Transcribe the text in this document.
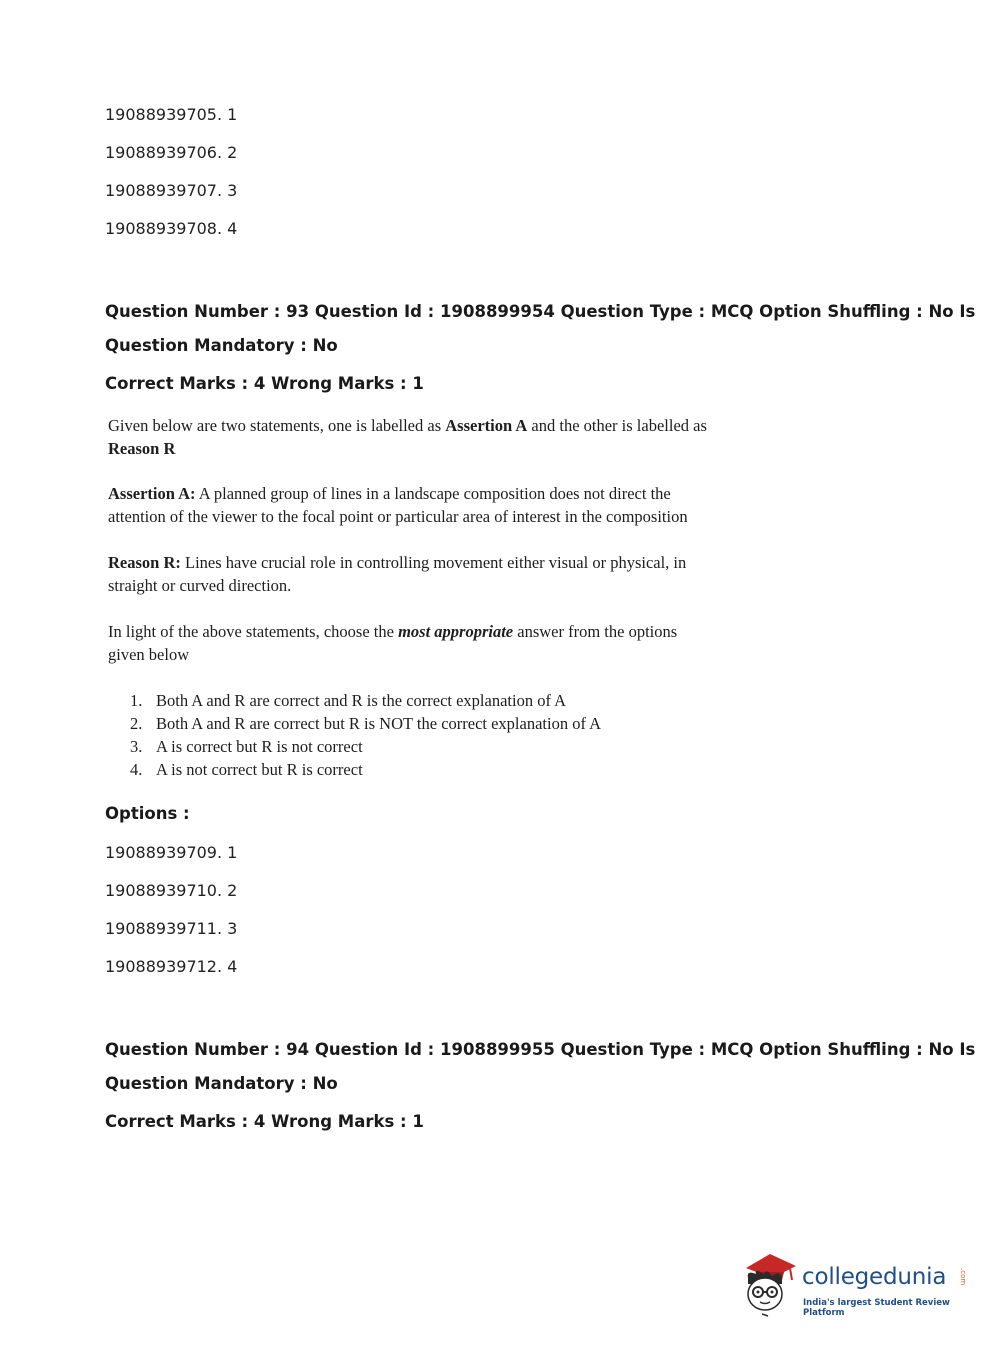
19088939705. 1
19088939706. 2
19088939707. 3
19088939708. 4
Question Number : 93 Question Id : 1908899954 Question Type : MCQ Option Shuffling : No Is
Question Mandatory : No
Correct Marks : 4 Wrong Marks : 1
Given below are two statements, one is labelled as Assertion A and the other is labelled as
Reason R
Assertion A: A planned group of lines in a landscape composition does not direct the attention of the viewer to the focal point or particular area of interest in the composition
Reason R: Lines have crucial role in controlling movement either visual or physical, in straight or curved direction.
In light of the above statements, choose the most appropriate answer from the options given below
1. Both A and R are correct and R is the correct explanation of A
2. Both A and R are correct but R is NOT the correct explanation of A
3. A is correct but R is not correct
4. A is not correct but R is correct
Options :
19088939709. 1
19088939710. 2
19088939711. 3
19088939712. 4
Question Number : 94 Question Id : 1908899955 Question Type : MCQ Option Shuffling : No Is
Question Mandatory : No
Correct Marks : 4 Wrong Marks : 1
collegedunia .com
India's largest Student Review Platform
